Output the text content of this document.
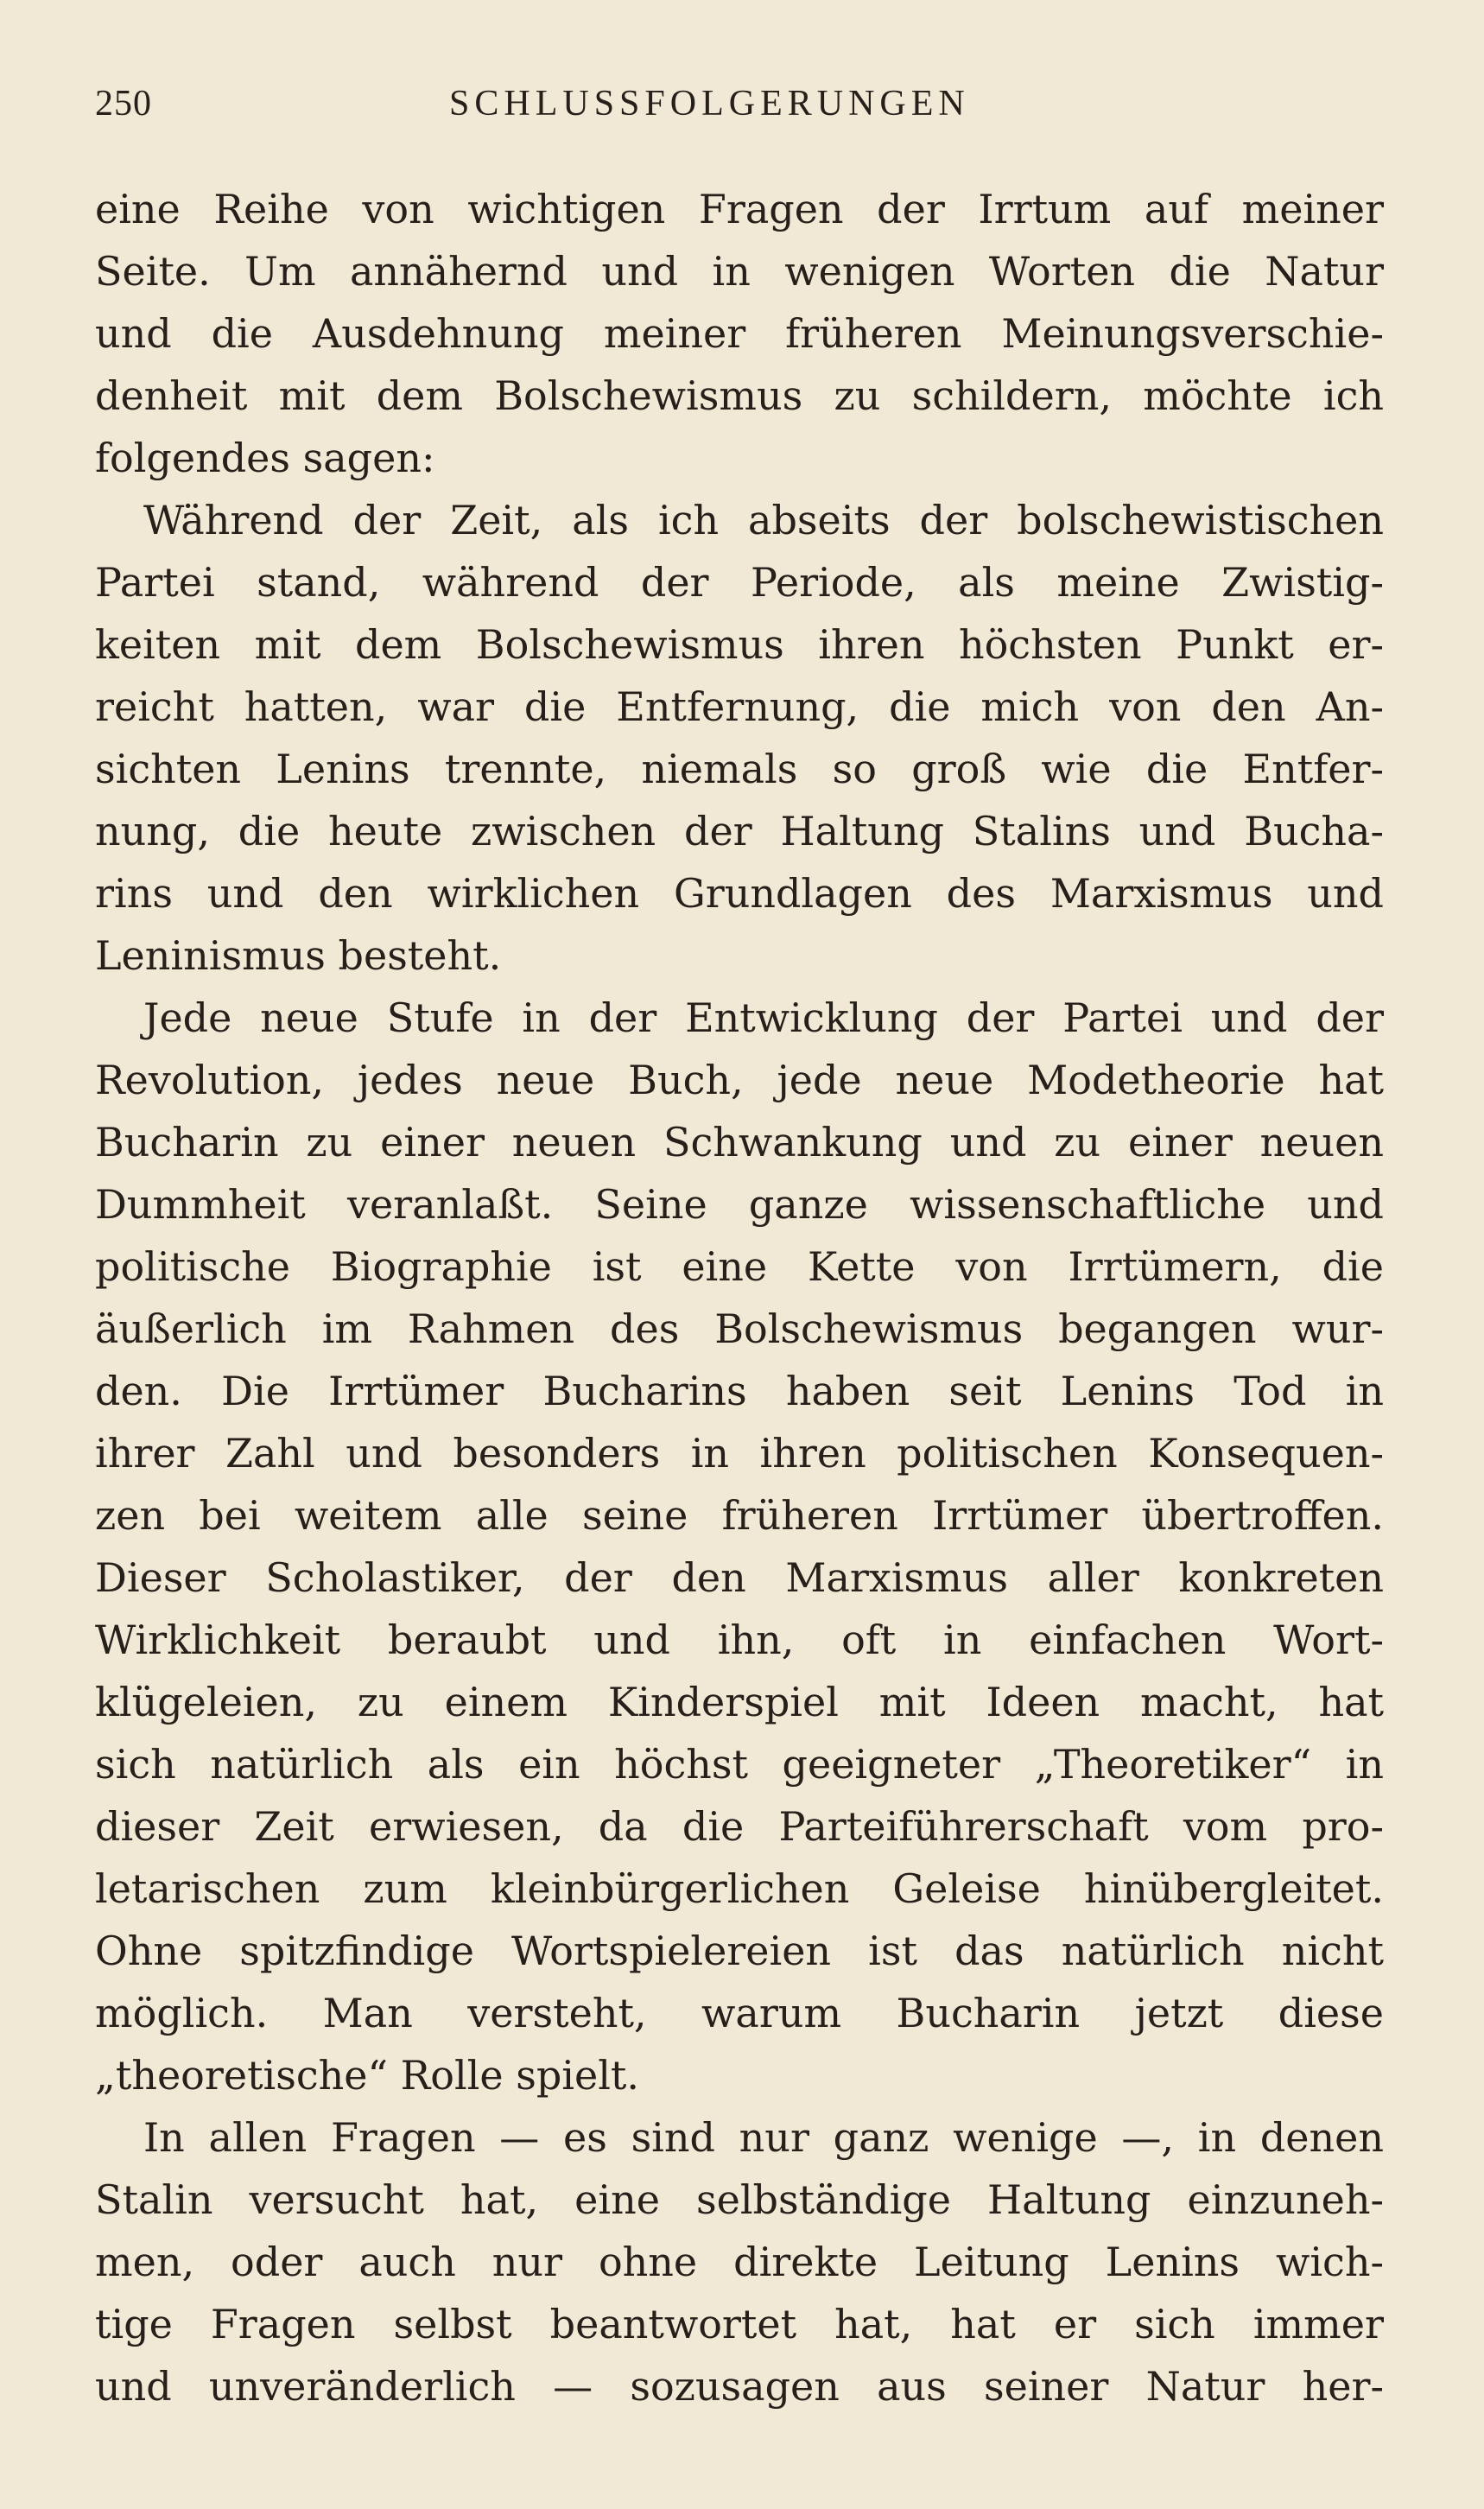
250	SCHLUSSFOLGERUNGEN
eine Reihe von wichtigen Fragen der Irrtum auf meiner
Seite. Um annähernd und in wenigen Worten die Natur
und die Ausdehnung meiner früheren Meinungsverschie-
denheit mit dem Bolschewismus zu schildern, möchte ich
folgendes sagen:
Während der Zeit, als ich abseits der bolschewistischen
Partei stand, während der Periode, als meine Zwistig-
keiten mit dem Bolschewismus ihren höchsten Punkt er-
reicht hatten, war die Entfernung, die mich von den An-
sichten Lenins trennte, niemals so groß wie die Entfer-
nung, die heute zwischen der Haltung Stalins und Bucha-
rins und den wirklichen Grundlagen des Marxismus und
Leninismus besteht.
Jede neue Stufe in der Entwicklung der Partei und der
Revolution, jedes neue Buch, jede neue Modetheorie hat
Bucharin zu einer neuen Schwankung und zu einer neuen
Dummheit veranlaßt. Seine ganze wissenschaftliche und
politische Biographie ist eine Kette von Irrtümern, die
äußerlich im Rahmen des Bolschewismus begangen wur-
den. Die Irrtümer Bucharins haben seit Lenins Tod in
ihrer Zahl und besonders in ihren politischen Konsequen-
zen bei weitem alle seine früheren Irrtümer übertroffen.
Dieser Scholastiker, der den Marxismus aller konkreten
Wirklichkeit beraubt und ihn, oft in einfachen Wort-
klügeleien, zu einem Kinderspiel mit Ideen macht, hat
sich natürlich als ein höchst geeigneter „Theoretiker“ in
dieser Zeit erwiesen, da die Parteiführerschaft vom pro-
letarischen zum kleinbürgerlichen Geleise hinübergleitet.
Ohne spitzfindige Wortspielereien ist das natürlich nicht
möglich. Man versteht, warum Bucharin jetzt diese
„theoretische“ Rolle spielt.
In allen Fragen — es sind nur ganz wenige —, in denen
Stalin versucht hat, eine selbständige Haltung einzuneh-
men, oder auch nur ohne direkte Leitung Lenins wich-
tige Fragen selbst beantwortet hat, hat er sich immer
und unveränderlich — sozusagen aus seiner Natur her-
